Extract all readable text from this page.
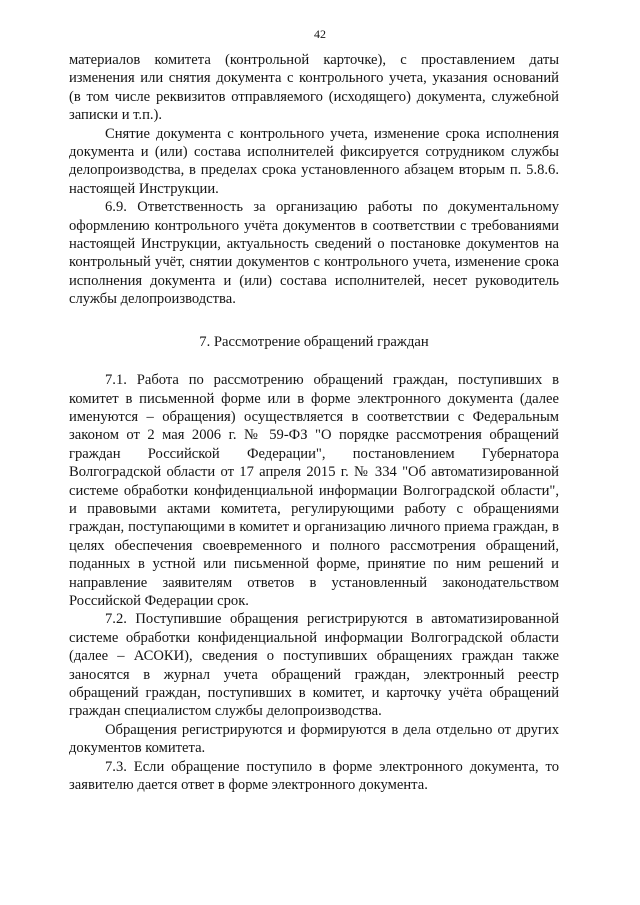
42

материалов комитета (контрольной карточке), с проставлением даты изменения или снятия документа с контрольного учета, указания оснований (в том числе реквизитов отправляемого (исходящего) документа, служебной записки и т.п.).

Снятие документа с контрольного учета, изменение срока исполнения документа и (или) состава исполнителей фиксируется сотрудником службы делопроизводства, в пределах срока установленного абзацем вторым п. 5.8.6. настоящей Инструкции.

6.9. Ответственность за организацию работы по документальному оформлению контрольного учёта документов в соответствии с требованиями настоящей Инструкции, актуальность сведений о постановке документов на контрольный учёт, снятии документов с контрольного учета, изменение срока исполнения документа и (или) состава исполнителей, несет руководитель службы делопроизводства.

7. Рассмотрение обращений граждан

7.1. Работа по рассмотрению обращений граждан, поступивших в комитет в письменной форме или в форме электронного документа (далее именуются – обращения) осуществляется в соответствии с Федеральным законом от 2 мая 2006 г. № 59-ФЗ "О порядке рассмотрения обращений граждан Российской Федерации", постановлением Губернатора Волгоградской области от 17 апреля 2015 г. № 334 "Об автоматизированной системе обработки конфиденциальной информации Волгоградской области", и правовыми актами комитета, регулирующими работу с обращениями граждан, поступающими в комитет и организацию личного приема граждан, в целях обеспечения своевременного и полного рассмотрения обращений, поданных в устной или письменной форме, принятие по ним решений и направление заявителям ответов в установленный законодательством Российской Федерации срок.

7.2. Поступившие обращения регистрируются в автоматизированной системе обработки конфиденциальной информации Волгоградской области (далее – АСОКИ), сведения о поступивших обращениях граждан также заносятся в журнал учета обращений граждан, электронный реестр обращений граждан, поступивших в комитет, и карточку учёта обращений граждан специалистом службы делопроизводства.

Обращения регистрируются и формируются в дела отдельно от других документов комитета.

7.3. Если обращение поступило в форме электронного документа, то заявителю дается ответ в форме электронного документа.
